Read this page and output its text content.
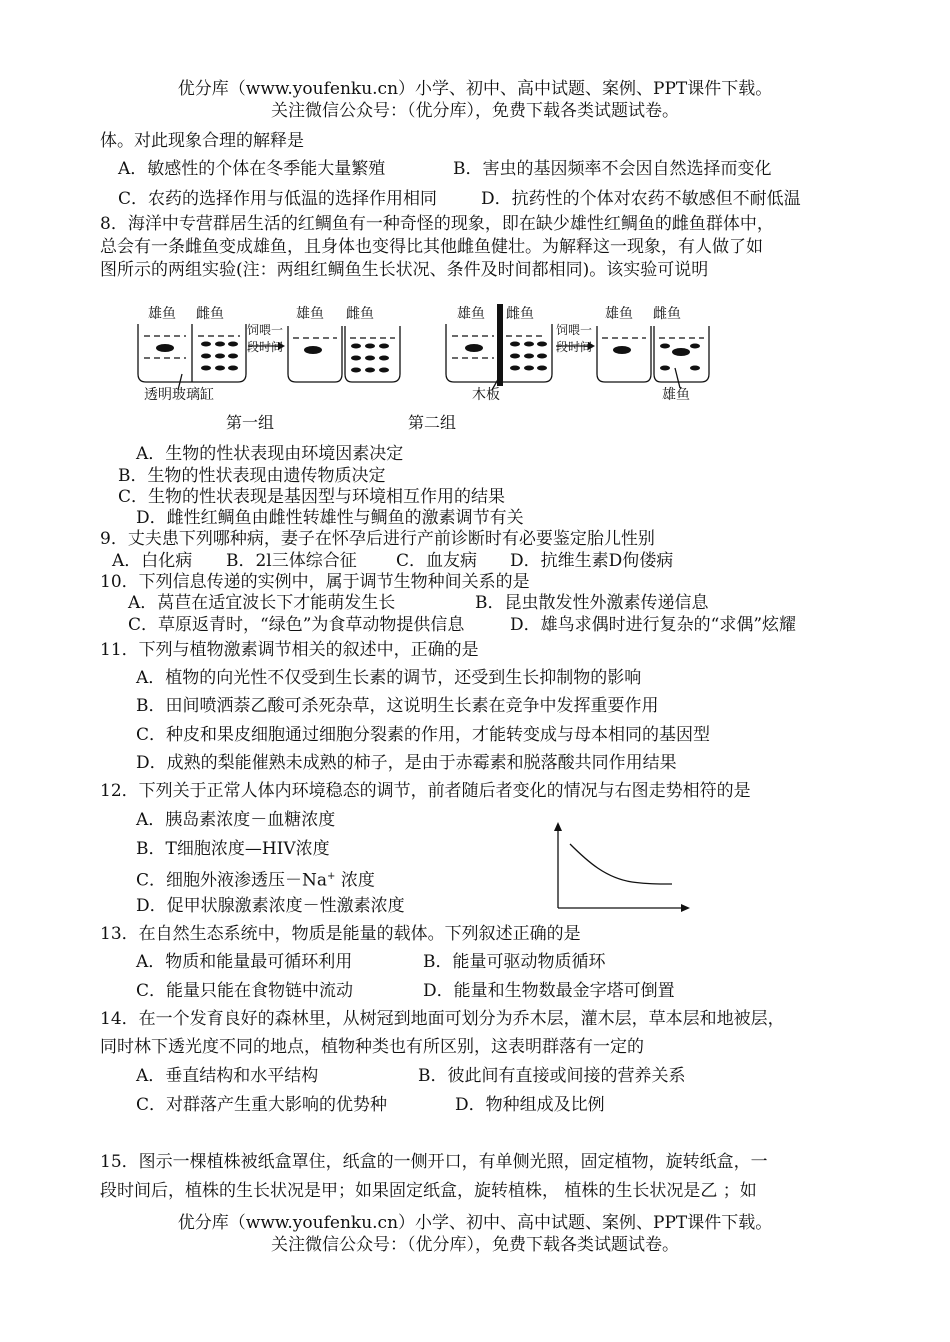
优分库（www.youfenku.cn）小学、初中、高中试题、案例、PPT课件下载。
关注微信公众号：（优分库），免费下载各类试题试卷。
体。对此现象合理的解释是
A．敏感性的个体在冬季能大量繁殖	B．害虫的基因频率不会因自然选择而变化
C．农药的选择作用与低温的选择作用相同	D．抗药性的个体对农药不敏感但不耐低温
8．海洋中专营群居生活的红鲷鱼有一种奇怪的现象，即在缺少雄性红鲷鱼的雌鱼群体中，
总会有一条雌鱼变成雄鱼，且身体也变得比其他雌鱼健壮。为解释这一现象，有人做了如
图所示的两组实验(注：两组红鲷鱼生长状况、条件及时间都相同)。该实验可说明
雄鱼 雌鱼
饲喂一
段时间
雄鱼 雌鱼
透明玻璃缸
雄鱼 雌鱼
饲喂一
段时间
雄鱼 雌鱼
木板	雄鱼
第一组	第二组
A．生物的性状表现由环境因素决定
B．生物的性状表现由遗传物质决定
C．生物的性状表现是基因型与环境相互作用的结果
D．雌性红鲷鱼由雌性转雄性与鲷鱼的激素调节有关
9．丈夫患下列哪种病，妻子在怀孕后进行产前诊断时有必要鉴定胎儿性别
A．白化病 B．2l三体综合征 C．血友病 D．抗维生素D佝偻病
10．下列信息传递的实例中，属于调节生物种间关系的是
A．莴苣在适宜波长下才能萌发生长	B．昆虫散发性外激素传递信息
C．草原返青时，“绿色”为食草动物提供信息	D．雄鸟求偶时进行复杂的“求偶”炫耀
11．下列与植物激素调节相关的叙述中，正确的是
A．植物的向光性不仅受到生长素的调节，还受到生长抑制物的影响
B．田间喷洒萘乙酸可杀死杂草，这说明生长素在竞争中发挥重要作用
C．种皮和果皮细胞通过细胞分裂素的作用，才能转变成与母本相同的基因型
D．成熟的梨能催熟未成熟的柿子，是由于赤霉素和脱落酸共同作用结果
12．下列关于正常人体内环境稳态的调节，前者随后者变化的情况与右图走势相符的是
A．胰岛素浓度－血糖浓度
B．T细胞浓度—HIV浓度
C．细胞外液渗透压－Na+ 浓度
D．促甲状腺激素浓度－性激素浓度
13．在自然生态系统中，物质是能量的载体。下列叙述正确的是
A．物质和能量最可循环利用	B．能量可驱动物质循环
C．能量只能在食物链中流动	D．能量和生物数最金字塔可倒置
14．在一个发育良好的森林里，从树冠到地面可划分为乔木层，灌木层，草本层和地被层，
同时林下透光度不同的地点，植物种类也有所区别，这表明群落有一定的
A．垂直结构和水平结构	B．彼此间有直接或间接的营养关系
C．对群落产生重大影响的优势种	D．物种组成及比例
15．图示一棵植株被纸盒罩住，纸盒的一侧开口，有单侧光照，固定植物，旋转纸盒，一
段时间后，植株的生长状况是甲；如果固定纸盒，旋转植株， 植株的生长状况是乙 ；如
优分库（www.youfenku.cn）小学、初中、高中试题、案例、PPT课件下载。
关注微信公众号：（优分库），免费下载各类试题试卷。
